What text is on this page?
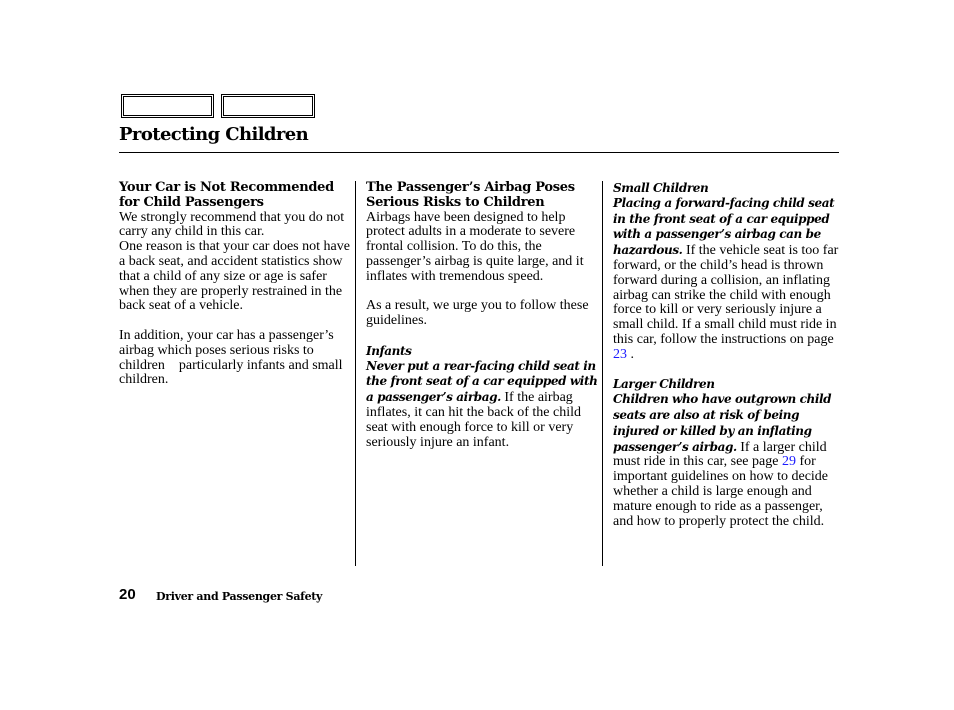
Protecting Children
Your Car is Not Recommended for Child Passengers

We strongly recommend that you do not carry any child in this car.

One reason is that your car does not have a back seat, and accident statistics show that a child of any size or age is safer when they are properly restrained in the back seat of a vehicle.

In addition, your car has a passenger’s airbag which poses serious risks to children    particularly infants and small children.

The Passenger’s Airbag Poses Serious Risks to Children

Airbags have been designed to help protect adults in a moderate to severe frontal collision. To do this, the passenger’s airbag is quite large, and it inflates with tremendous speed.

As a result, we urge you to follow these guidelines.

Infants

Never put a rear-facing child seat in the front seat of a car equipped with a passenger’s airbag. If the airbag inflates, it can hit the back of the child seat with enough force to kill or very seriously injure an infant.

Small Children

Placing a forward-facing child seat in the front seat of a car equipped with a passenger’s airbag can be hazardous. If the vehicle seat is too far forward, or the child’s head is thrown forward during a collision, an inflating airbag can strike the child with enough force to kill or very seriously injure a small child. If a small child must ride in this car, follow the instructions on page 23 .

Larger Children

Children who have outgrown child seats are also at risk of being injured or killed by an inflating passenger’s airbag. If a larger child must ride in this car, see page 29 for important guidelines on how to decide whether a child is large enough and mature enough to ride as a passenger, and how to properly protect the child.

20 Driver and Passenger Safety
